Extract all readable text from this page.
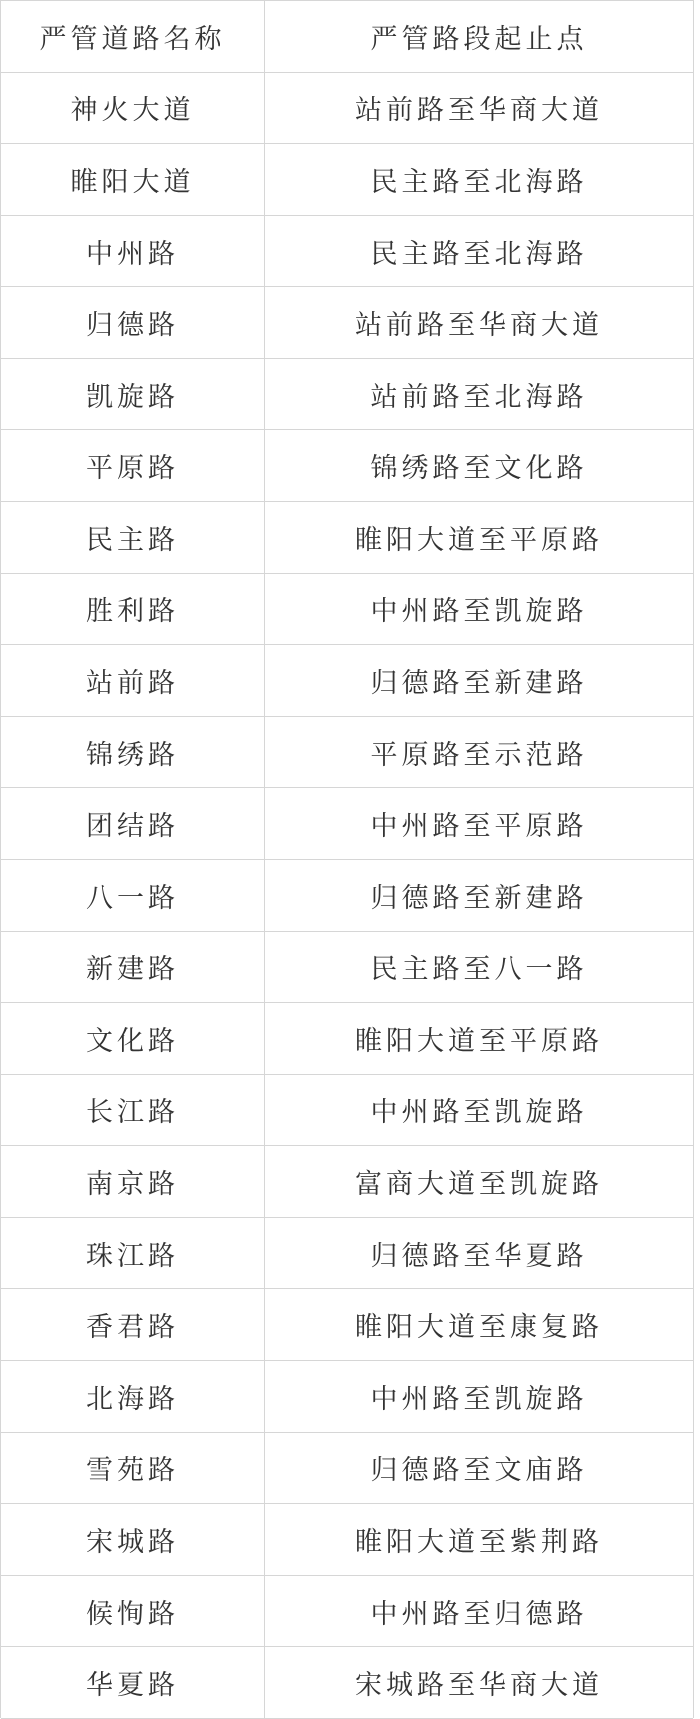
严管道路名称	严管路段起止点
神火大道	站前路至华商大道
睢阳大道	民主路至北海路
中州路	民主路至北海路
归德路	站前路至华商大道
凯旋路	站前路至北海路
平原路	锦绣路至文化路
民主路	睢阳大道至平原路
胜利路	中州路至凯旋路
站前路	归德路至新建路
锦绣路	平原路至示范路
团结路	中州路至平原路
八一路	归德路至新建路
新建路	民主路至八一路
文化路	睢阳大道至平原路
长江路	中州路至凯旋路
南京路	富商大道至凯旋路
珠江路	归德路至华夏路
香君路	睢阳大道至康复路
北海路	中州路至凯旋路
雪苑路	归德路至文庙路
宋城路	睢阳大道至紫荆路
候恂路	中州路至归德路
华夏路	宋城路至华商大道
